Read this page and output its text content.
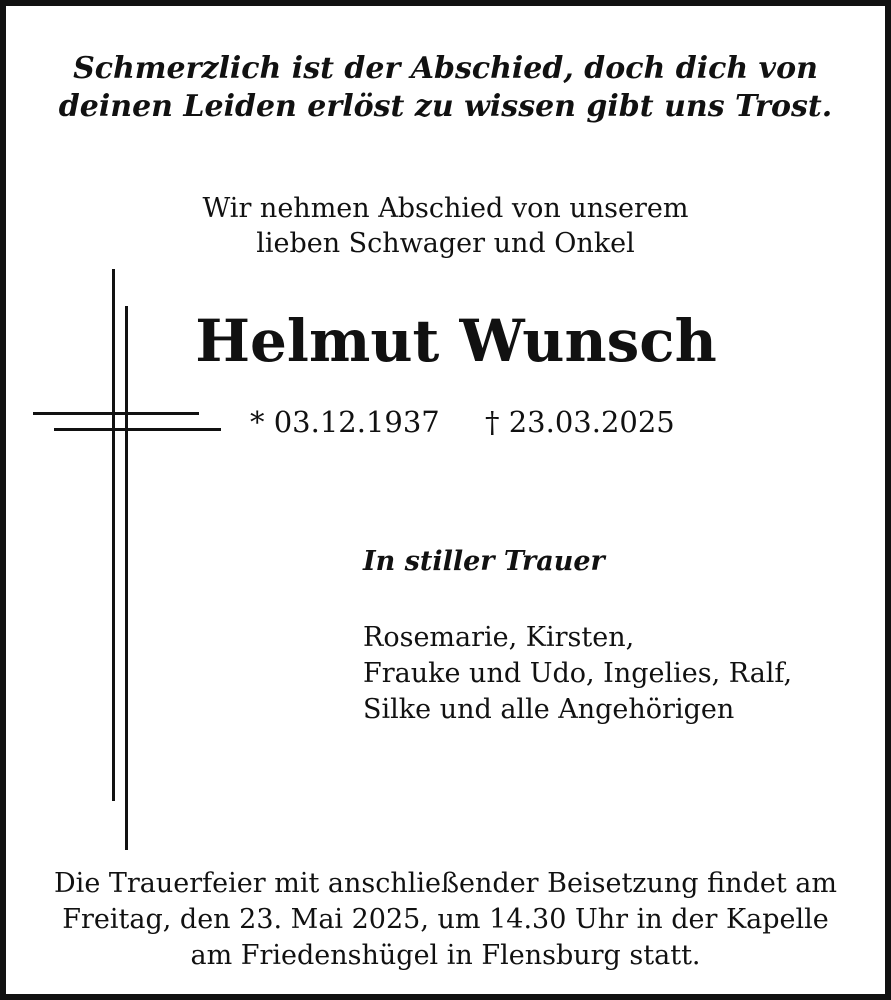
Schmerzlich ist der Abschied, doch dich von
deinen Leiden erlöst zu wissen gibt uns Trost.
Wir nehmen Abschied von unserem
lieben Schwager und Onkel
Helmut Wunsch
* 03.12.1937 † 23.03.2025
In stiller Trauer
Rosemarie, Kirsten,
Frauke und Udo, Ingelies, Ralf,
Silke und alle Angehörigen
Die Trauerfeier mit anschließender Beisetzung findet am
Freitag, den 23. Mai 2025, um 14.30 Uhr in der Kapelle
am Friedenshügel in Flensburg statt.
